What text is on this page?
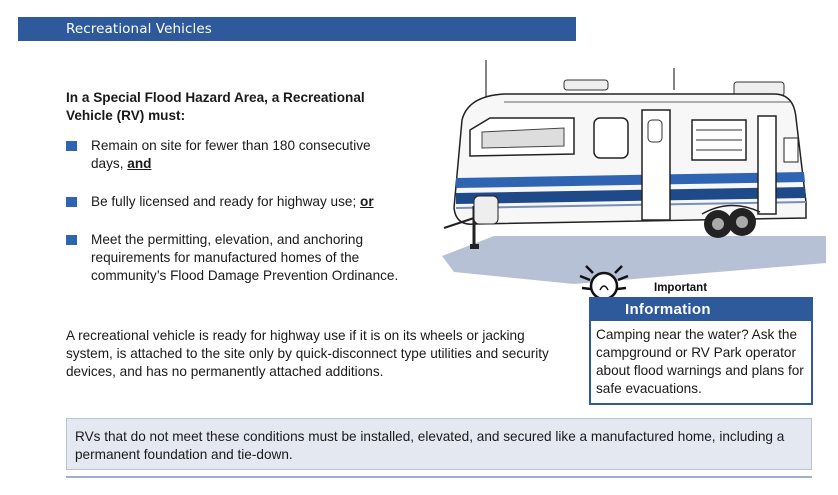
Recreational Vehicles
In a Special Flood Hazard Area, a Recreational Vehicle (RV) must:
Remain on site for fewer than 180 consecutive days, and
Be fully licensed and ready for highway use; or
Meet the permitting, elevation, and anchoring requirements for manufactured homes of the community’s Flood Damage Prevention Ordinance.
A recreational vehicle is ready for highway use if it is on its wheels or jacking system, is attached to the site only by quick-disconnect type utilities and security devices, and has no permanently attached additions.
Important
Information
Camping near the water? Ask the campground or RV Park operator about flood warnings and plans for safe evacuations.
RVs that do not meet these conditions must be installed, elevated, and secured like a manufactured home, including a permanent foundation and tie-down.
